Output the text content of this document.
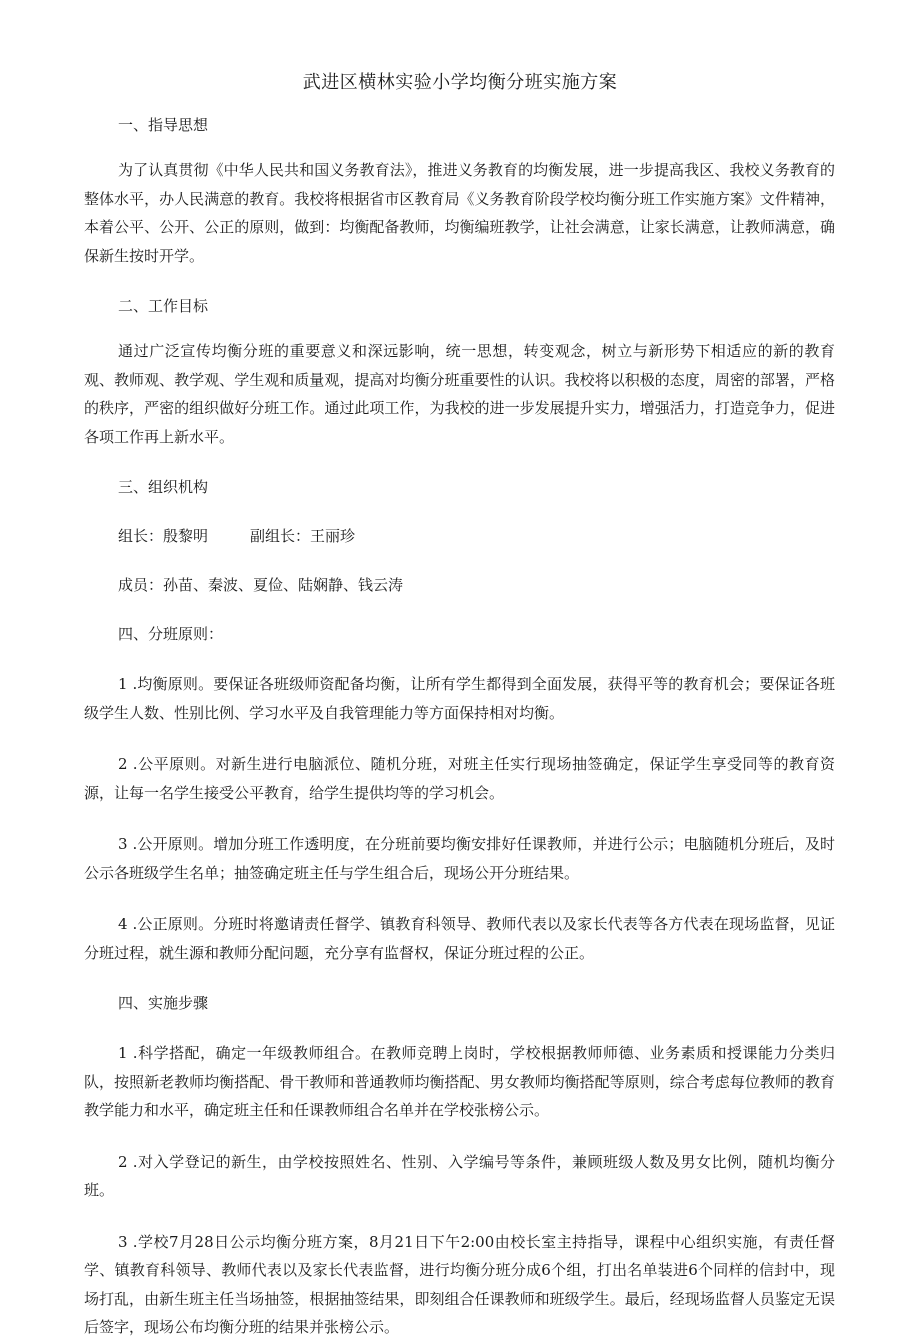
武进区横林实验小学均衡分班实施方案
一、指导思想

为了认真贯彻《中华人民共和国义务教育法》，推进义务教育的均衡发展，进一步提高我区、我校义务教育的整体水平，办人民满意的教育。我校将根据省市区教育局《义务教育阶段学校均衡分班工作实施方案》文件精神，本着公平、公开、公正的原则，做到：均衡配备教师，均衡编班教学，让社会满意，让家长满意，让教师满意，确保新生按时开学。

二、工作目标

通过广泛宣传均衡分班的重要意义和深远影响，统一思想，转变观念，树立与新形势下相适应的新的教育观、教师观、教学观、学生观和质量观，提高对均衡分班重要性的认识。我校将以积极的态度，周密的部署，严格的秩序，严密的组织做好分班工作。通过此项工作，为我校的进一步发展提升实力，增强活力，打造竞争力，促进各项工作再上新水平。

三、组织机构
组长：殷黎明	副组长：王丽珍
成员：孙苗、秦波、夏俭、陆娴静、钱云涛
四、分班原则：

1 .均衡原则。要保证各班级师资配备均衡，让所有学生都得到全面发展，获得平等的教育机会；要保证各班级学生人数、性别比例、学习水平及自我管理能力等方面保持相对均衡。

2 .公平原则。对新生进行电脑派位、随机分班，对班主任实行现场抽签确定，保证学生享受同等的教育资源，让每一名学生接受公平教育，给学生提供均等的学习机会。

3 .公开原则。增加分班工作透明度，在分班前要均衡安排好任课教师，并进行公示；电脑随机分班后，及时公示各班级学生名单；抽签确定班主任与学生组合后，现场公开分班结果。

4 .公正原则。分班时将邀请责任督学、镇教育科领导、教师代表以及家长代表等各方代表在现场监督，见证分班过程，就生源和教师分配问题，充分享有监督权，保证分班过程的公正。

四、实施步骤

1 .科学搭配，确定一年级教师组合。在教师竞聘上岗时，学校根据教师师德、业务素质和授课能力分类归队，按照新老教师均衡搭配、骨干教师和普通教师均衡搭配、男女教师均衡搭配等原则，综合考虑每位教师的教育教学能力和水平，确定班主任和任课教师组合名单并在学校张榜公示。

2 .对入学登记的新生，由学校按照姓名、性别、入学编号等条件，兼顾班级人数及男女比例，随机均衡分班。

3 .学校7月28日公示均衡分班方案，8月21日下午2:00由校长室主持指导，课程中心组织实施，有责任督学、镇教育科领导、教师代表以及家长代表监督，进行均衡分班分成6个组，打出名单装进6个同样的信封中，现场打乱，由新生班主任当场抽签，根据抽签结果，即刻组合任课教师和班级学生。最后，经现场监督人员鉴定无误后签字，现场公布均衡分班的结果并张榜公示。
